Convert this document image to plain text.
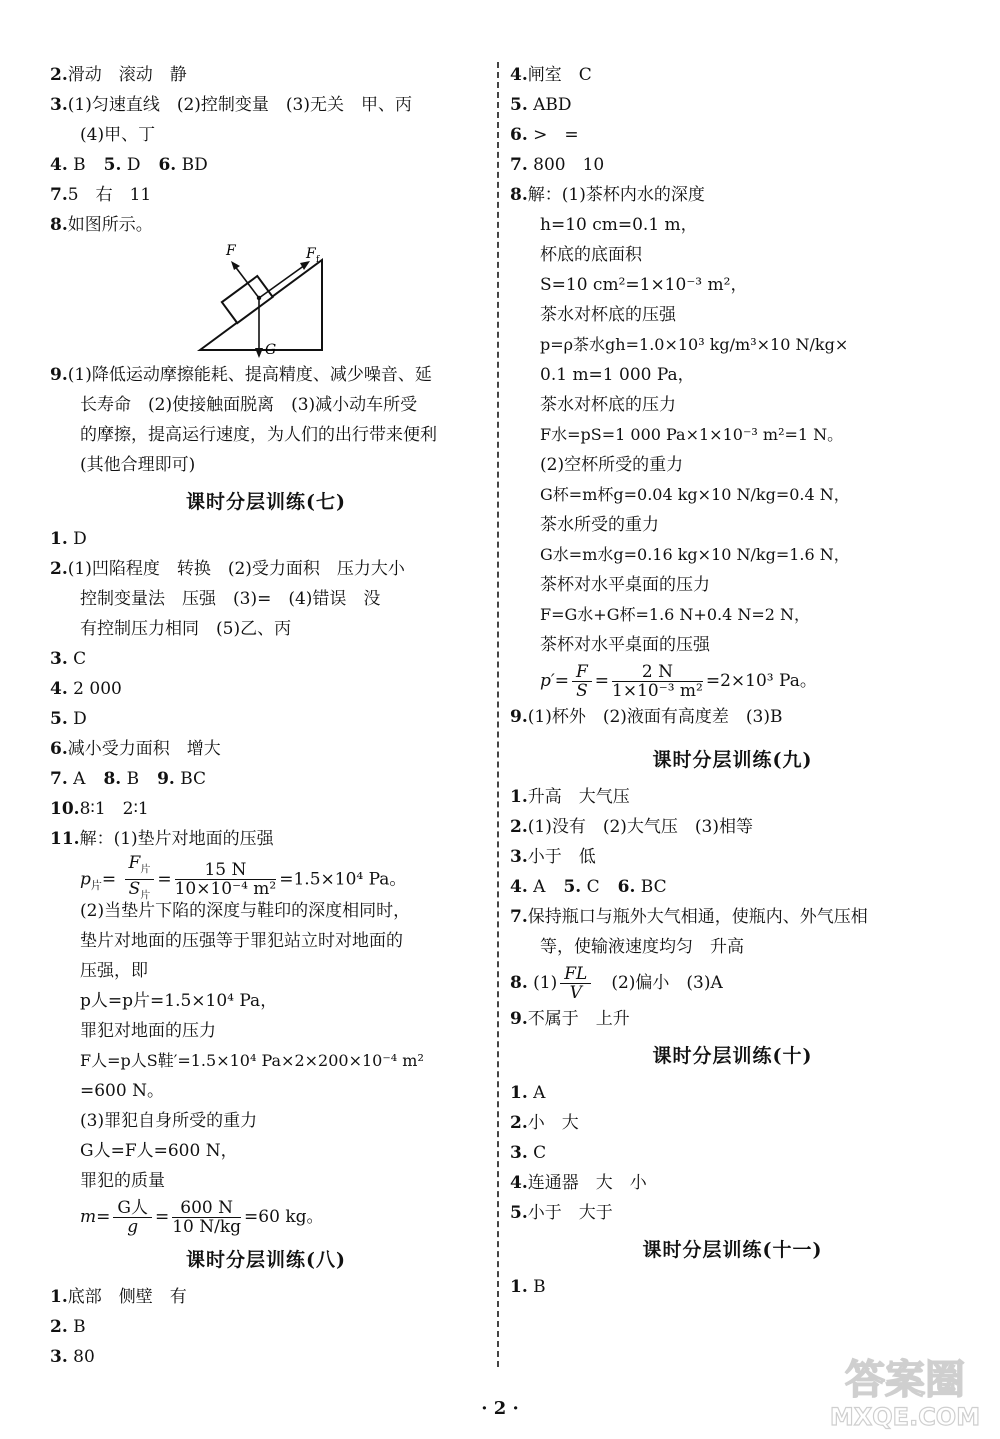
2.滑动　滚动　静
3.(1)匀速直线　(2)控制变量　(3)无关　甲、丙
(4)甲、丁
4. B 5. D 6. BD
7.5　右　11
8.如图所示。
F	F f
G
9.(1)降低运动摩擦能耗、提高精度、减少噪音、延
长寿命　(2)使接触面脱离　(3)减小动车所受
的摩擦，提高运行速度，为人们的出行带来便利
(其他合理即可)
课时分层训练(七)
1. D
2.(1)凹陷程度　转换　(2)受力面积　压力大小
控制变量法　压强　(3)=　(4)错误　没
有控制压力相同　(5)乙、丙
3. C
4. 2 000
5. D
6.减小受力面积　增大
7. A 8. B 9. BC
10.8∶1　2∶1
11.解：(1)垫片对地面的压强
$p_片=$
$F_片$
$S_片$
= $\frac{15 N}{\text{10×10⁻⁴ m²}} =1.5\times 10^4$ Pa。
(2)当垫片下陷的深度与鞋印的深度相同时，
垫片对地面的压强等于罪犯站立时对地面的
压强，即
p人=p片=1.5×10⁴ Pa，
罪犯对地面的压力
F人=p人S鞋′=1.5×10⁴ Pa×2×200×10⁻⁴ m²
=600 N。
(3)罪犯自身所受的重力
G人=F人=600 N，
罪犯的质量
m= G人
$g = \frac{600 N}{10 N/kg} =60$ kg。
课时分层训练(八)
1.底部　侧壁　有
2. B
3. 80
4.闸室　C
5. ABD
6. >　=
7. 800　10
8.解：(1)茶杯内水的深度
h=10 cm=0.1 m，
杯底的底面积
S=10 cm²=1×10⁻³ m²，
茶水对杯底的压强
p=ρ茶水gh=1.0×10³ kg/m³×10 N/kg×
0.1 m=1 000 Pa，
茶水对杯底的压力
F水=pS=1 000 Pa×1×10⁻³ m²=1 N。
(2)空杯所受的重力
G杯=m杯g=0.04 kg×10 N/kg=0.4 N，
茶水所受的重力
G水=m水g=0.16 kg×10 N/kg=1.6 N，
茶杯对水平桌面的压力
F=G水+G杯=1.6 N+0.4 N=2 N，
茶杯对水平桌面的压强
$p'= \frac{F}{S} = \frac{2 N}{\text{1×10⁻³ m²}} =2\times 10^3$ Pa。
9.(1)杯外　(2)液面有高度差　(3)B
课时分层训练(九)
1.升高　大气压
2.(1)没有　(2)大气压　(3)相等
3.小于　低
4. A 5. C 6. BC
7.保持瓶口与瓶外大气相通，使瓶内、外气压相
等，使输液速度均匀　升高
8. $(1) \frac{FL}{V}$ 　(2)偏小　(3)A
9.不属于　上升
课时分层训练(十)
1. A
2.小　大
3. C
4.连通器　大　小
5.小于　大于
课时分层训练(十一)
1. B
· 2 ·
答案圈
MXQE.COM
